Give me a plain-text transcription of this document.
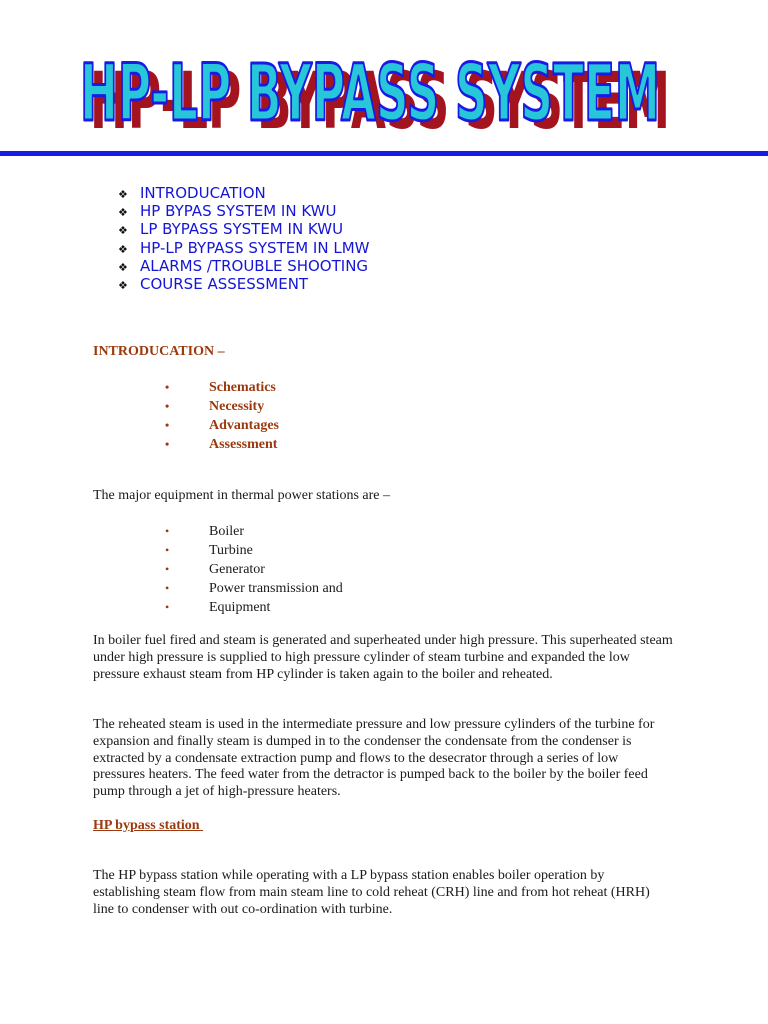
HP-LP BYPASS SYSTEM
HP-LP BYPASS SYSTEM
❖ INTRODUCATION
❖ HP BYPAS SYSTEM IN KWU
❖ LP BYPASS SYSTEM IN KWU
❖ HP-LP BYPASS SYSTEM IN LMW
❖ ALARMS /TROUBLE SHOOTING
❖ COURSE ASSESSMENT

INTRODUCATION –

•	Schematics
•	Necessity
•	Advantages
•	Assessment

The major equipment in thermal power stations are –

•	Boiler
•	Turbine
•	Generator
•	Power transmission and
•	Equipment

In boiler fuel fired and steam is generated and superheated under high pressure. This superheated steam under high pressure is supplied to high pressure cylinder of steam turbine and expanded the low pressure exhaust steam from HP cylinder is taken again to the boiler and reheated.

The reheated steam is used in the intermediate pressure and low pressure cylinders of the turbine for expansion and finally steam is dumped in to the condenser the condensate from the condenser is extracted by a condensate extraction pump and flows to the desecrator through a series of low pressures heaters. The feed water from the detractor is pumped back to the boiler by the boiler feed pump through a jet of high-pressure heaters.

HP bypass station

The HP bypass station while operating with a LP bypass station enables boiler operation by establishing steam flow from main steam line to cold reheat (CRH) line and from hot reheat (HRH) line to condenser with out co-ordination with turbine.
